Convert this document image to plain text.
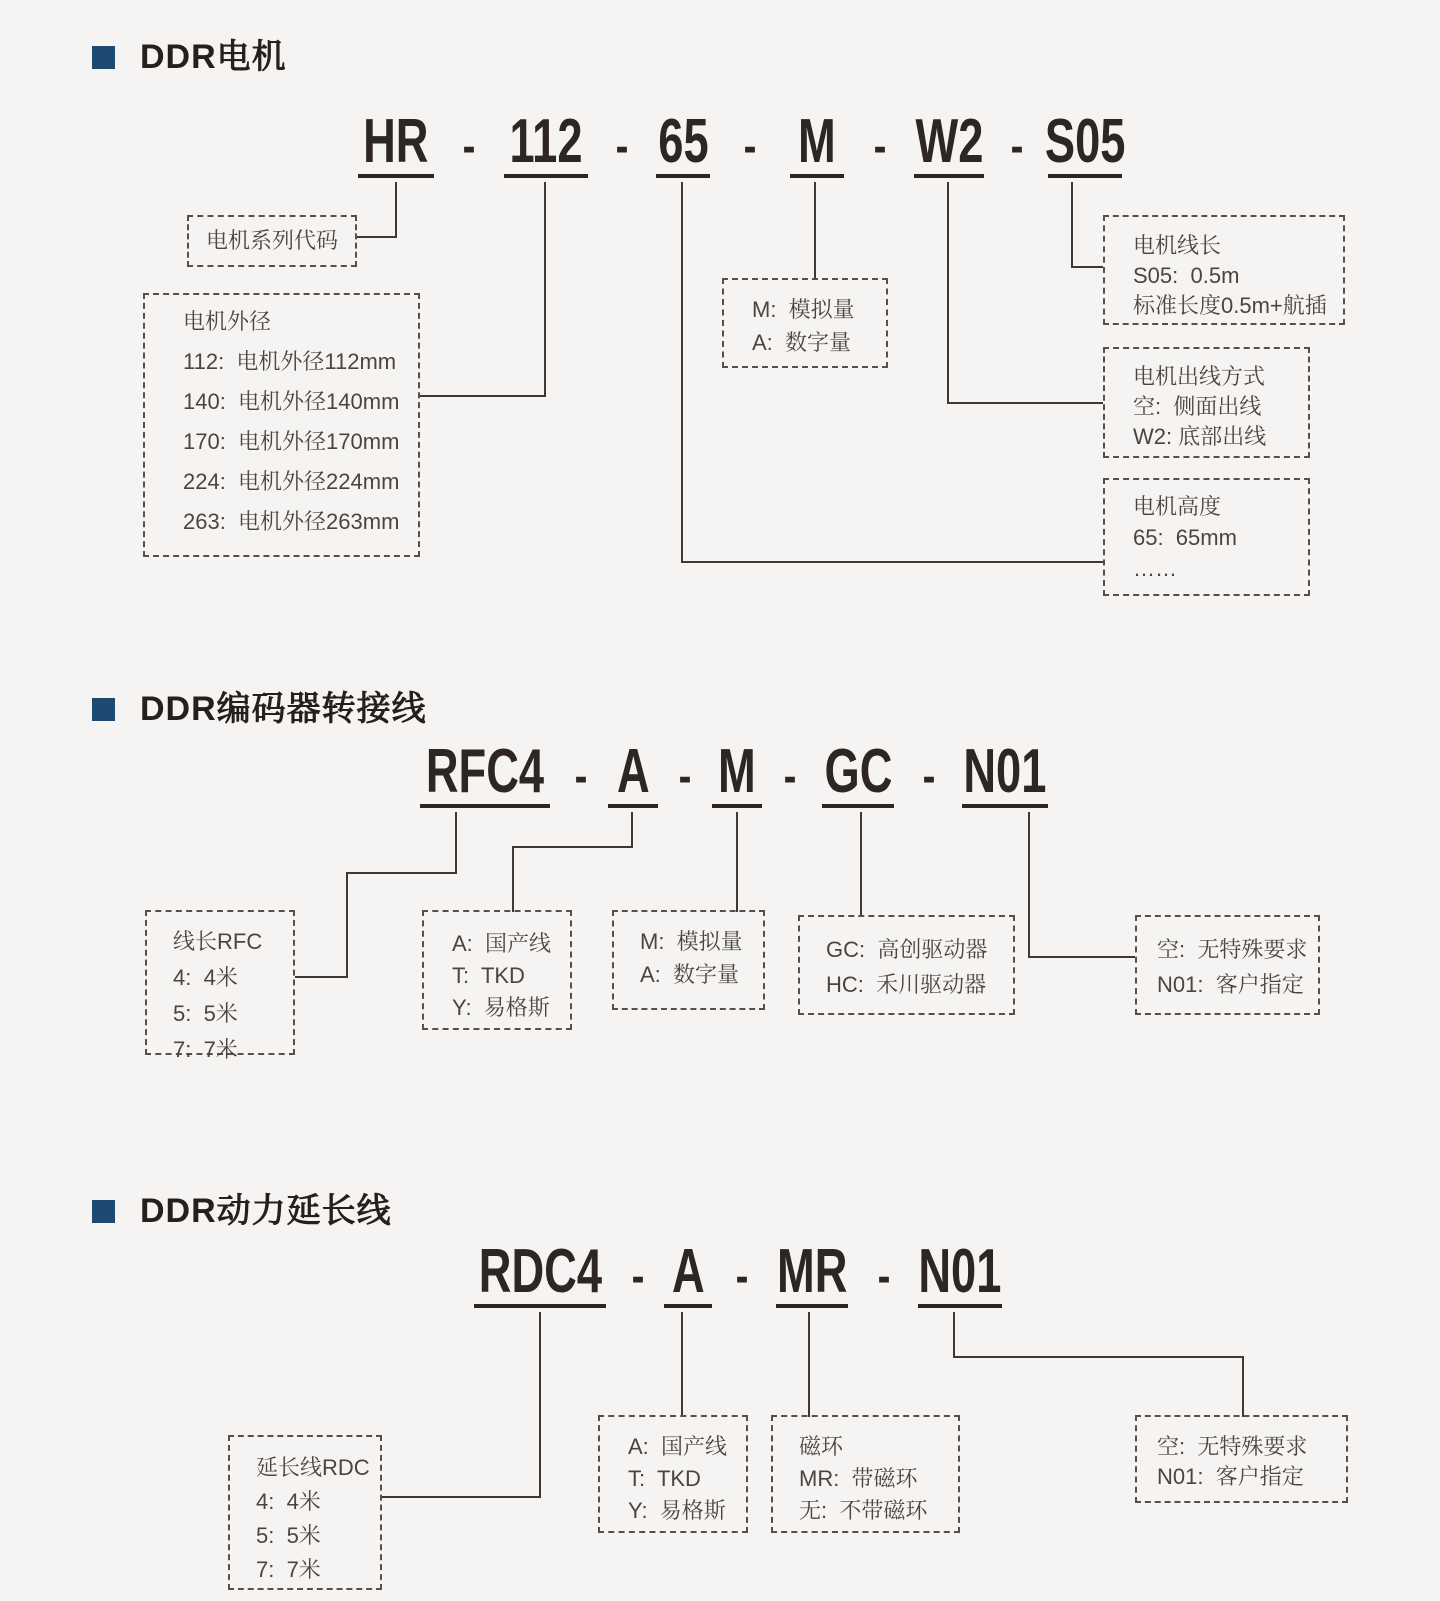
DDR电机
HR 112 65 M W2 S05
-	- - -	-
电机系列代码
电机外径
112:  电机外径112mm
140:  电机外径140mm
170:  电机外径170mm
224:  电机外径224mm
263:  电机外径263mm
M:  模拟量
A:  数字量
电机线长
S05:  0.5m
标准长度0.5m+航插
电机出线方式
空:  侧面出线
W2: 底部出线
电机高度
65:  65mm
……
DDR编码器转接线
RFC4 A M GC N01
- - -	-
线长RFC
4:  4米
5:  5米
7:  7米
A:  国产线
T:  TKD
Y:  易格斯
M:  模拟量
A:  数字量
GC:  高创驱动器
HC:  禾川驱动器
空:  无特殊要求
N01:  客户指定
DDR动力延长线
RDC4 A MR N01
- -	-
延长线RDC
4:  4米
5:  5米
7:  7米
A:  国产线
T:  TKD
Y:  易格斯
磁环
MR:  带磁环
无:  不带磁环
空:  无特殊要求
N01:  客户指定
